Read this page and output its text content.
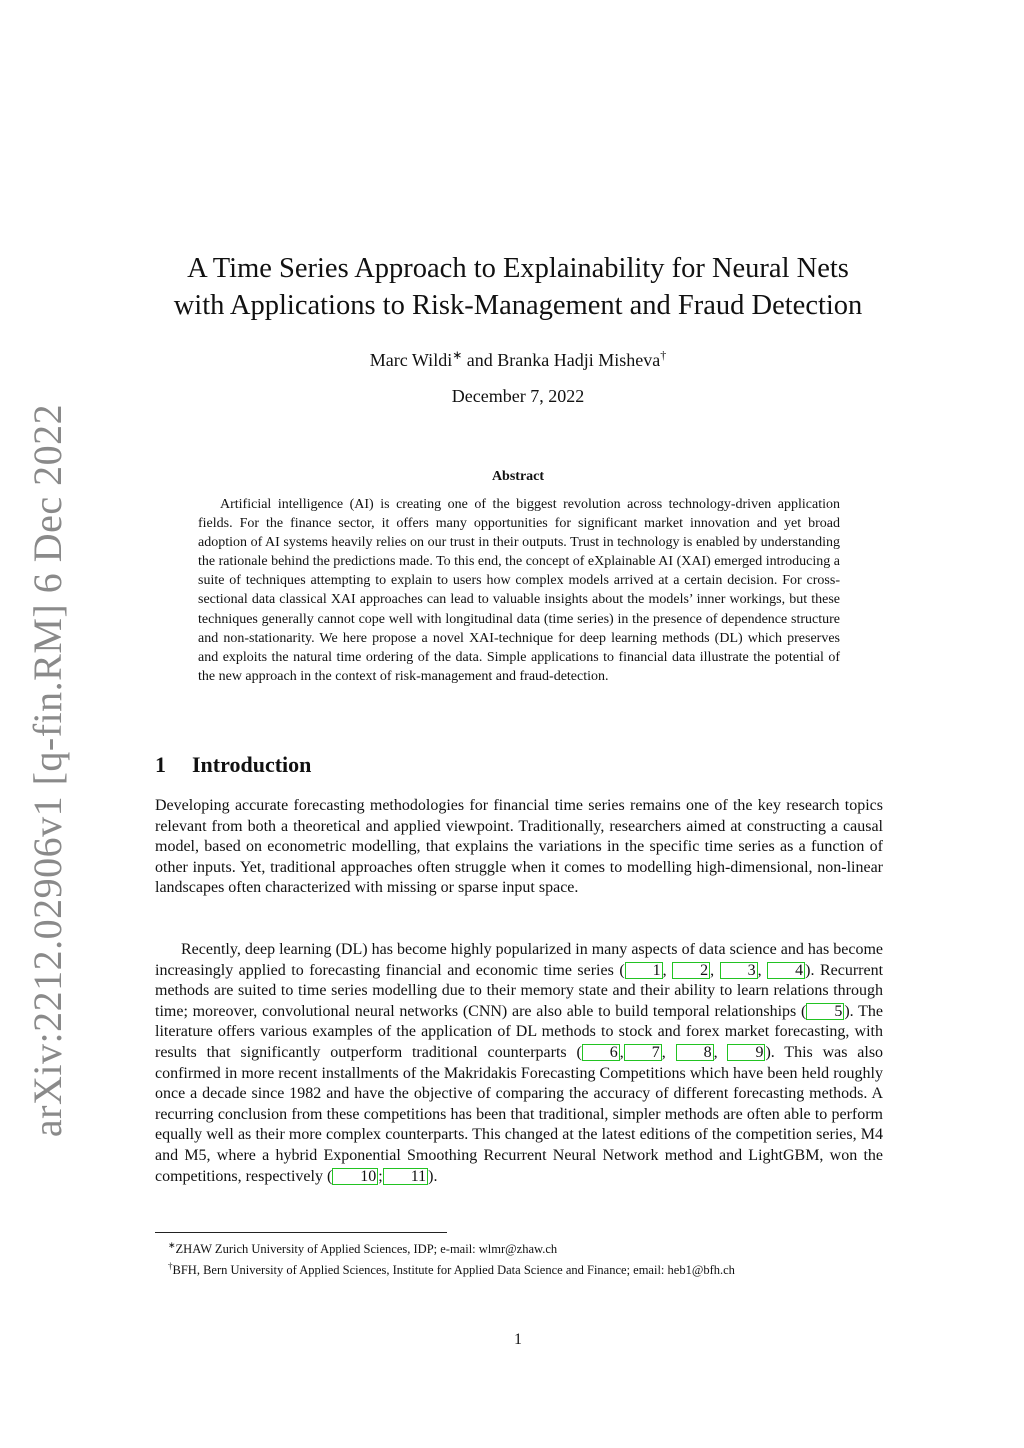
arXiv:2212.02906v1 [q-fin.RM] 6 Dec 2022
A Time Series Approach to Explainability for Neural Nets
with Applications to Risk-Management and Fraud Detection
Marc Wildi∗ and Branka Hadji Misheva†
December 7, 2022
Abstract

Artificial intelligence (AI) is creating one of the biggest revolution across technology-driven application fields. For the finance sector, it offers many opportunities for significant market innovation and yet broad adoption of AI systems heavily relies on our trust in their outputs. Trust in technology is enabled by understanding the rationale behind the predictions made. To this end, the concept of eXplainable AI (XAI) emerged introducing a suite of techniques attempting to explain to users how complex models arrived at a certain decision. For cross-sectional data classical XAI approaches can lead to valuable insights about the models’ inner workings, but these techniques generally cannot cope well with longitudinal data (time series) in the presence of dependence structure and non-stationarity. We here propose a novel XAI-technique for deep learning methods (DL) which preserves and exploits the natural time ordering of the data. Simple applications to financial data illustrate the potential of the new approach in the context of risk-management and fraud-detection.

1 Introduction

Developing accurate forecasting methodologies for financial time series remains one of the key research topics relevant from both a theoretical and applied viewpoint. Traditionally, researchers aimed at constructing a causal model, based on econometric modelling, that explains the variations in the specific time series as a function of other inputs. Yet, traditional approaches often struggle when it comes to modelling high-dimensional, non-linear landscapes often characterized with missing or sparse input space.

Recently, deep learning (DL) has become highly popularized in many aspects of data science and has become increasingly applied to forecasting financial and economic time series ( 1 , 2 , 3 , 4 ). Recurrent methods are suited to time series modelling due to their memory state and their ability to learn relations through time; moreover, convolutional neural networks (CNN) are also able to build temporal relationships ( 5 ). The literature offers various examples of the application of DL methods to stock and forex market forecasting, with results that significantly outperform traditional counterparts ( 6 , 7 , 8 , 9 ). This was also confirmed in more recent installments of the Makridakis Forecasting Competitions which have been held roughly once a decade since 1982 and have the objective of comparing the accuracy of different forecasting methods. A recurring conclusion from these competitions has been that traditional, simpler methods are often able to perform equally well as their more complex counterparts. This changed at the latest editions of the competition series, M4 and M5, where a hybrid Exponential Smoothing Recurrent Neural Network method and LightGBM, won the competitions, respectively ( 10 ; 11 ).

∗ZHAW Zurich University of Applied Sciences, IDP; e-mail: wlmr@zhaw.ch

†BFH, Bern University of Applied Sciences, Institute for Applied Data Science and Finance; email: heb1@bfh.ch

1
